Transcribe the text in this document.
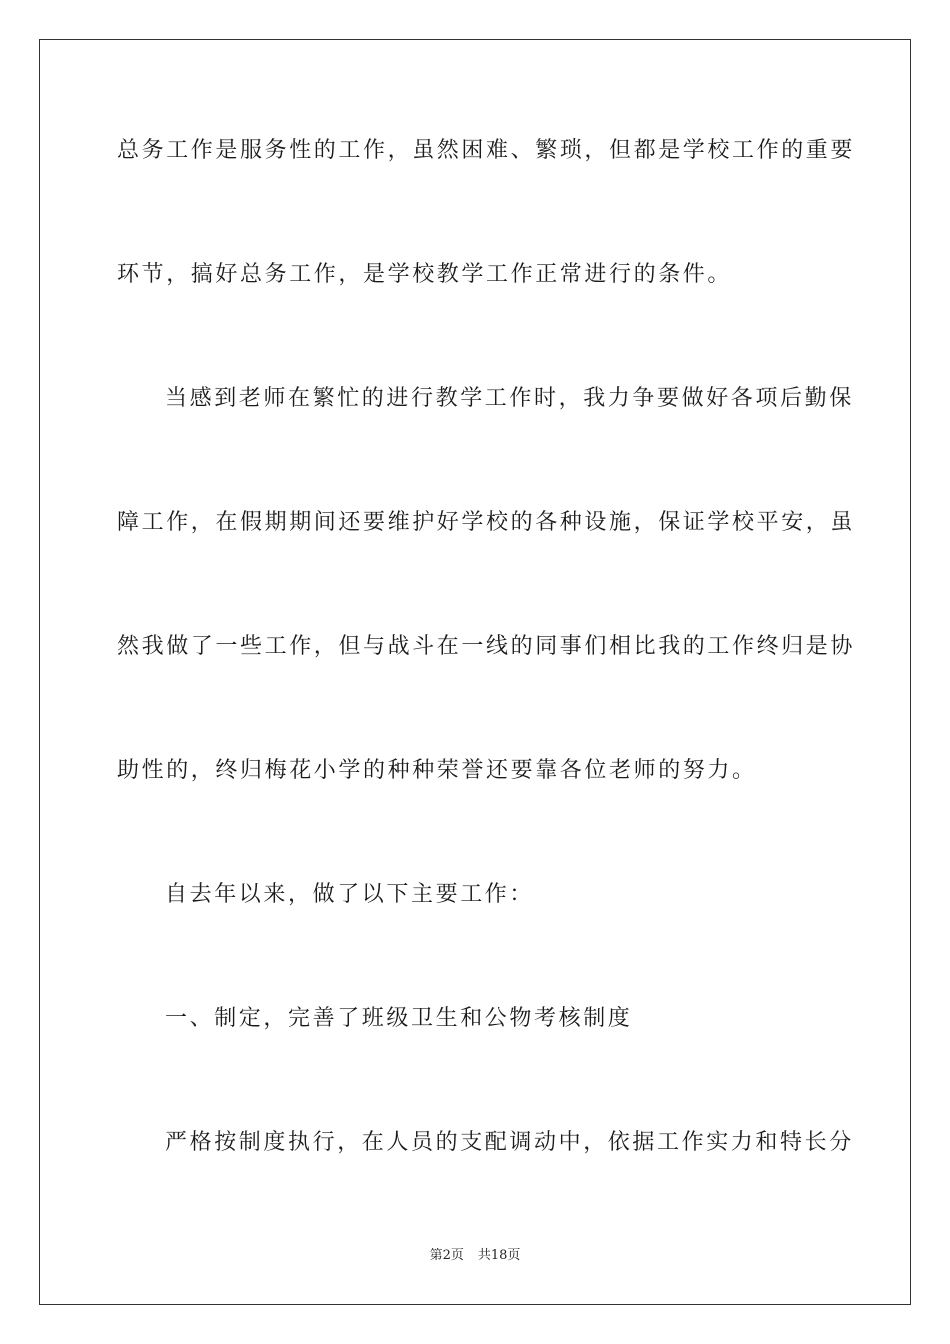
总务工作是服务性的工作，虽然困难、繁琐，但都是学校工作的重要
环节，搞好总务工作，是学校教学工作正常进行的条件。
当感到老师在繁忙的进行教学工作时，我力争要做好各项后勤保
障工作，在假期期间还要维护好学校的各种设施，保证学校平安，虽
然我做了一些工作，但与战斗在一线的同事们相比我的工作终归是协
助性的，终归梅花小学的种种荣誉还要靠各位老师的努力。
自去年以来，做了以下主要工作：
一、制定，完善了班级卫生和公物考核制度
严格按制度执行，在人员的支配调动中，依据工作实力和特长分
第2页 共18页
